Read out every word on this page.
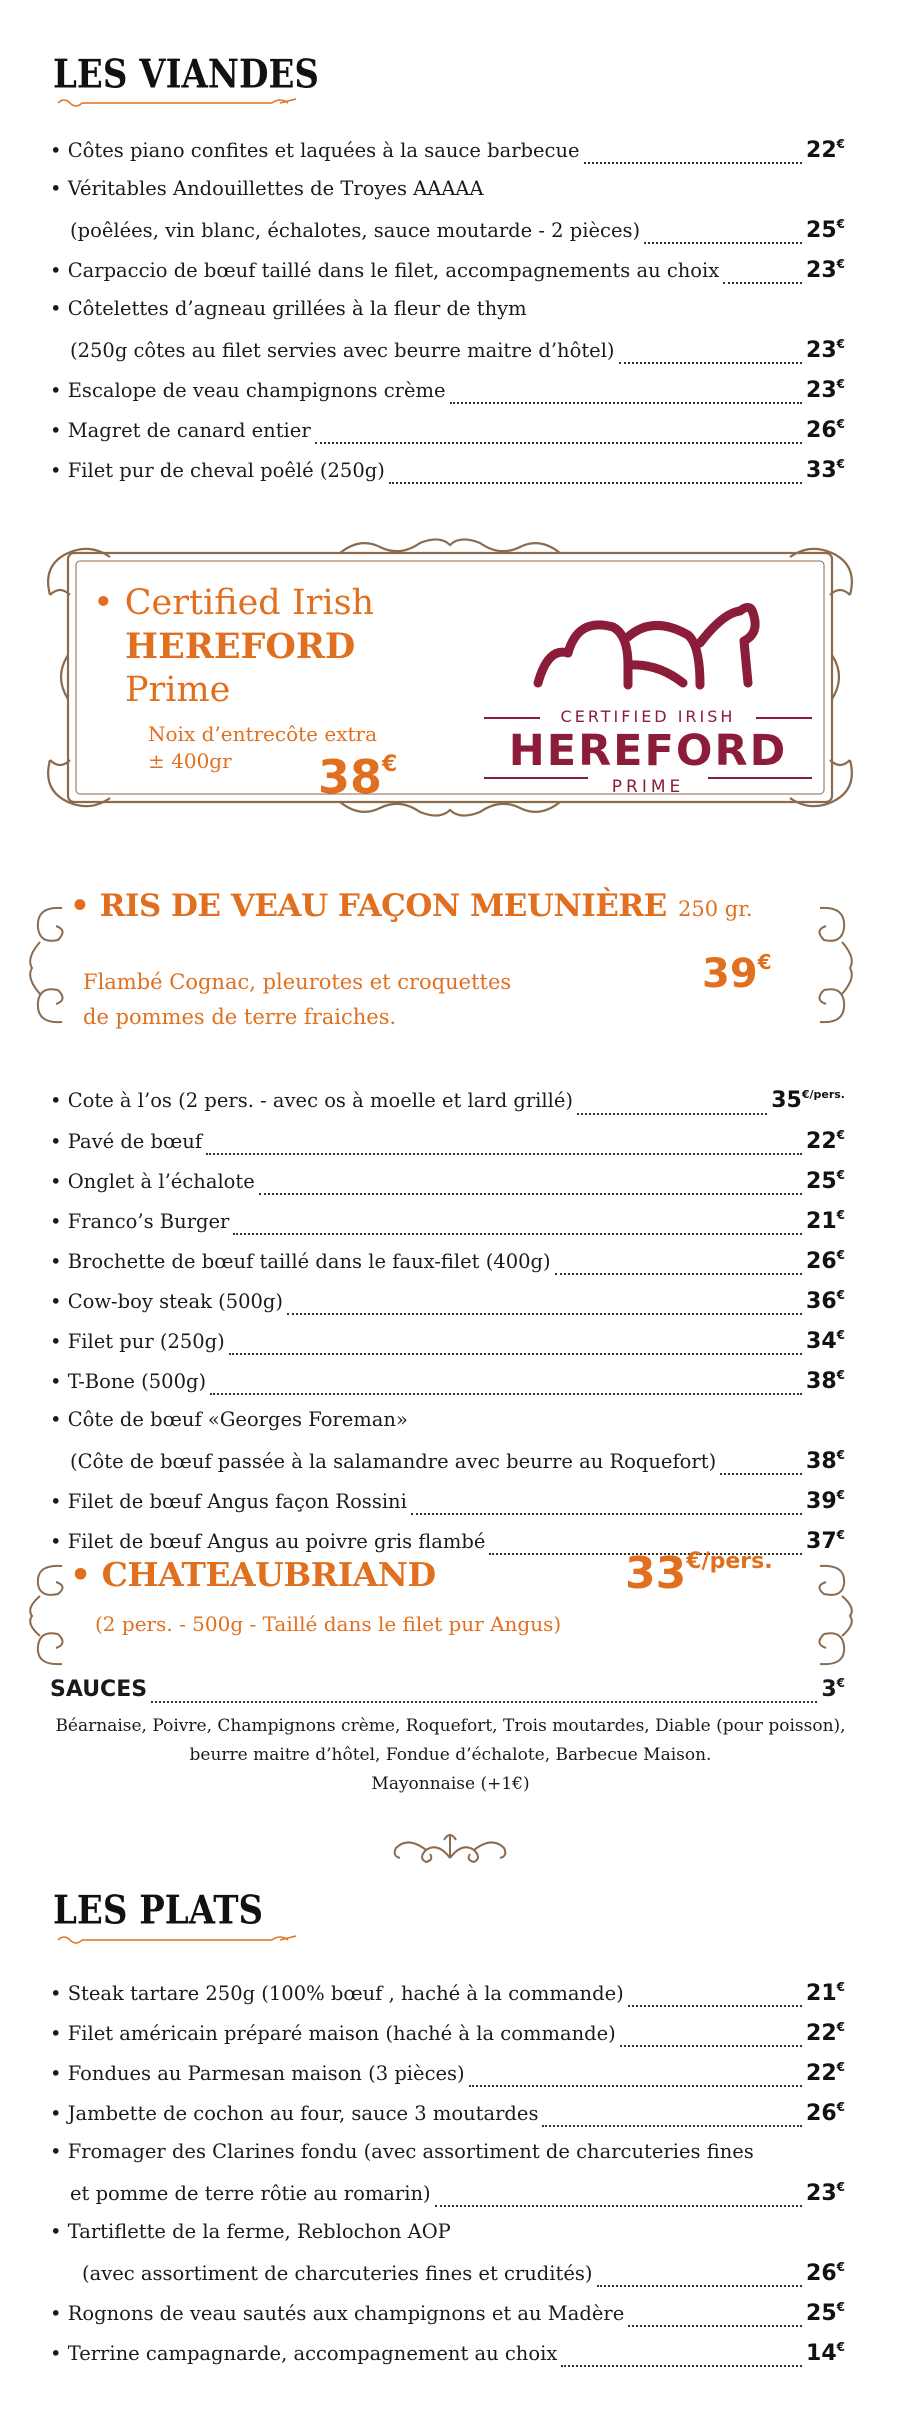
LES VIANDES
• Côtes piano confites et laquées à la sauce barbecue	22€
• Véritables Andouillettes de Troyes AAAAA
(poêlées, vin blanc, échalotes, sauce moutarde - 2 pièces)	25€
• Carpaccio de bœuf taillé dans le filet, accompagnements au choix	23€
• Côtelettes d’agneau grillées à la fleur de thym
(250g côtes au filet servies avec beurre maitre d’hôtel)	23€
• Escalope de veau champignons crème	23€
• Magret de canard entier	26€
• Filet pur de cheval poêlé (250g)	33€
• Certified Irish
HEREFORD
Prime
Noix d’entrecôte extra
± 400gr 38€
CERTIFIED IRISH
HEREFORD
PRIME
• RIS DE VEAU FAÇON MEUNIÈRE 250 gr.
Flambé Cognac, pleurotes et croquettes
de pommes de terre fraiches.
39€
• Cote à l’os (2 pers. - avec os à moelle et lard grillé)	$35^{€/pers.}$
• Pavé de bœuf	22€
• Onglet à l’échalote	25€
• Franco’s Burger	21€
• Brochette de bœuf taillé dans le faux-filet (400g)	26€
• Cow-boy steak (500g)	36€
• Filet pur (250g)	34€
• T-Bone (500g)	38€
• Côte de bœuf «Georges Foreman»
(Côte de bœuf passée à la salamandre avec beurre au Roquefort)	38€
• Filet de bœuf Angus façon Rossini	39€
• Filet de bœuf Angus au poivre gris flambé	37€
• CHATEAUBRIAND
(2 pers. - 500g - Taillé dans le filet pur Angus)
$33^{€/pers.}$
SAUCES	3€
Béarnaise, Poivre, Champignons crème, Roquefort, Trois moutardes, Diable (pour poisson),
beurre maitre d’hôtel, Fondue d’échalote, Barbecue Maison.
Mayonnaise (+1€)
LES PLATS
• Steak tartare 250g (100% bœuf , haché à la commande)	21€
• Filet américain préparé maison (haché à la commande)	22€
• Fondues au Parmesan maison (3 pièces)	22€
• Jambette de cochon au four, sauce 3 moutardes	26€
• Fromager des Clarines fondu (avec assortiment de charcuteries fines
et pomme de terre rôtie au romarin)	23€
• Tartiflette de la ferme, Reblochon AOP
(avec assortiment de charcuteries fines et crudités)	26€
• Rognons de veau sautés aux champignons et au Madère	25€
• Terrine campagnarde, accompagnement au choix	14€
